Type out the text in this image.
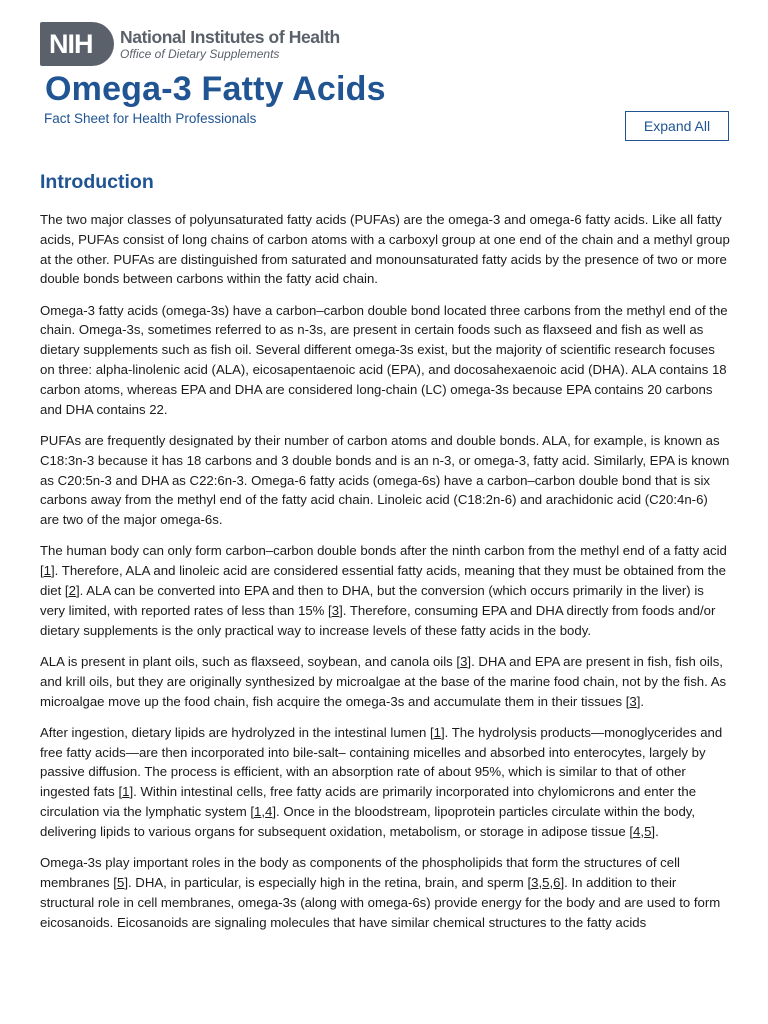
NIH National Institutes of Health
Office of Dietary Supplements
Omega-3 Fatty Acids
Fact Sheet for Health Professionals	Expand All
Introduction

The two major classes of polyunsaturated fatty acids (PUFAs) are the omega-3 and omega-6 fatty acids. Like all fatty acids, PUFAs consist of long chains of carbon atoms with a carboxyl group at one end of the chain and a methyl group at the other. PUFAs are distinguished from saturated and monounsaturated fatty acids by the presence of two or more double bonds between carbons within the fatty acid chain.

Omega-3 fatty acids (omega-3s) have a carbon–carbon double bond located three carbons from the methyl end of the chain. Omega-3s, sometimes referred to as n-3s, are present in certain foods such as flaxseed and fish as well as dietary supplements such as fish oil. Several different omega-3s exist, but the majority of scientific research focuses on three: alpha-linolenic acid (ALA), eicosapentaenoic acid (EPA), and docosahexaenoic acid (DHA). ALA contains 18 carbon atoms, whereas EPA and DHA are considered long-chain (LC) omega-3s because EPA contains 20 carbons and DHA contains 22.

PUFAs are frequently designated by their number of carbon atoms and double bonds. ALA, for example, is known as C18:3n-3 because it has 18 carbons and 3 double bonds and is an n-3, or omega-3, fatty acid. Similarly, EPA is known as C20:5n-3 and DHA as C22:6n-3. Omega-6 fatty acids (omega-6s) have a carbon–carbon double bond that is six carbons away from the methyl end of the fatty acid chain. Linoleic acid (C18:2n-6) and arachidonic acid (C20:4n-6) are two of the major omega-6s.

The human body can only form carbon–carbon double bonds after the ninth carbon from the methyl end of a fatty acid [1]. Therefore, ALA and linoleic acid are considered essential fatty acids, meaning that they must be obtained from the diet [2]. ALA can be converted into EPA and then to DHA, but the conversion (which occurs primarily in the liver) is very limited, with reported rates of less than 15% [3]. Therefore, consuming EPA and DHA directly from foods and/or dietary supplements is the only practical way to increase levels of these fatty acids in the body.

ALA is present in plant oils, such as flaxseed, soybean, and canola oils [3]. DHA and EPA are present in fish, fish oils, and krill oils, but they are originally synthesized by microalgae at the base of the marine food chain, not by the fish. As microalgae move up the food chain, fish acquire the omega-3s and accumulate them in their tissues [3].

After ingestion, dietary lipids are hydrolyzed in the intestinal lumen [1]. The hydrolysis products—monoglycerides and free fatty acids—are then incorporated into bile-salt– containing micelles and absorbed into enterocytes, largely by passive diffusion. The process is efficient, with an absorption rate of about 95%, which is similar to that of other ingested fats [1]. Within intestinal cells, free fatty acids are primarily incorporated into chylomicrons and enter the circulation via the lymphatic system [1,4]. Once in the bloodstream, lipoprotein particles circulate within the body, delivering lipids to various organs for subsequent oxidation, metabolism, or storage in adipose tissue [4,5].

Omega-3s play important roles in the body as components of the phospholipids that form the structures of cell membranes [5]. DHA, in particular, is especially high in the retina, brain, and sperm [3,5,6]. In addition to their structural role in cell membranes, omega-3s (along with omega-6s) provide energy for the body and are used to form eicosanoids. Eicosanoids are signaling molecules that have similar chemical structures to the fatty acids
